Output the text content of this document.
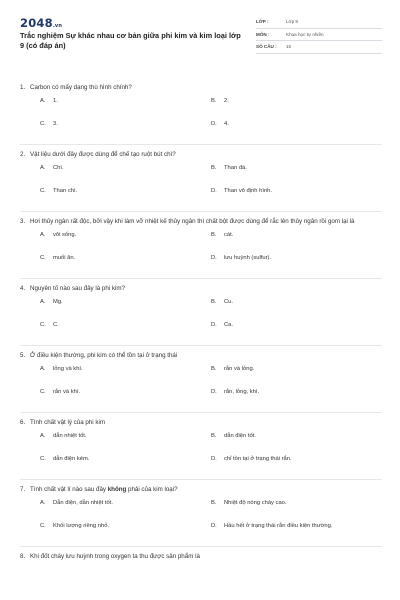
2048.vn
Trắc nghiệm Sự khác nhau cơ bản giữa phi kim và kim loại lớp 9 (có đáp án)
LỚP :	Lớp 9
MÔN :	Khoa học tự nhiên
SỐ CÂU :	15
1. Carbon có mấy dạng thù hình chính?
A.	1.	B.	2.
C.	3.	D.	4.
2. Vật liệu dưới đây được dùng để chế tạo ruột bút chì?
A.	Chì.	B.	Than đá.
C.	Than chì.	D.	Than vô định hình.
3. Hơi thủy ngân rất độc, bởi vậy khi làm vỡ nhiệt kế thủy ngân thì chất bột được dùng để rắc lên thủy ngân rồi gom lại là
A.	vôi sống.	B.	cát.
C.	muối ăn.	D.	lưu huỳnh (sulfur).
4. Nguyên tố nào sau đây là phi kim?
A.	Mg.	B.	Cu.
C.	C.	D.	Ca.
5. Ở điều kiện thường, phi kim có thể tồn tại ở trạng thái
A.	lỏng và khí.	B.	rắn và lỏng.
C.	rắn và khí.	D.	rắn, lỏng, khí.
6. Tính chất vật lý của phi kim
A.	dẫn nhiệt tốt.	B.	dẫn điện tốt.
C.	dẫn điện kém.	D.	chỉ tồn tại ở trạng thái rắn.
7. Tính chất vật lí nào sau đây không phải của kim loại?
A.	Dẫn điện, dẫn nhiệt tốt.	B.	Nhiệt độ nóng chảy cao.
C.	Khối lượng riêng nhỏ.	D.	Hầu hết ở trạng thái rắn điều kiện thường.
8. Khi đốt cháy lưu huỳnh trong oxygen ta thu được sản phẩm là
